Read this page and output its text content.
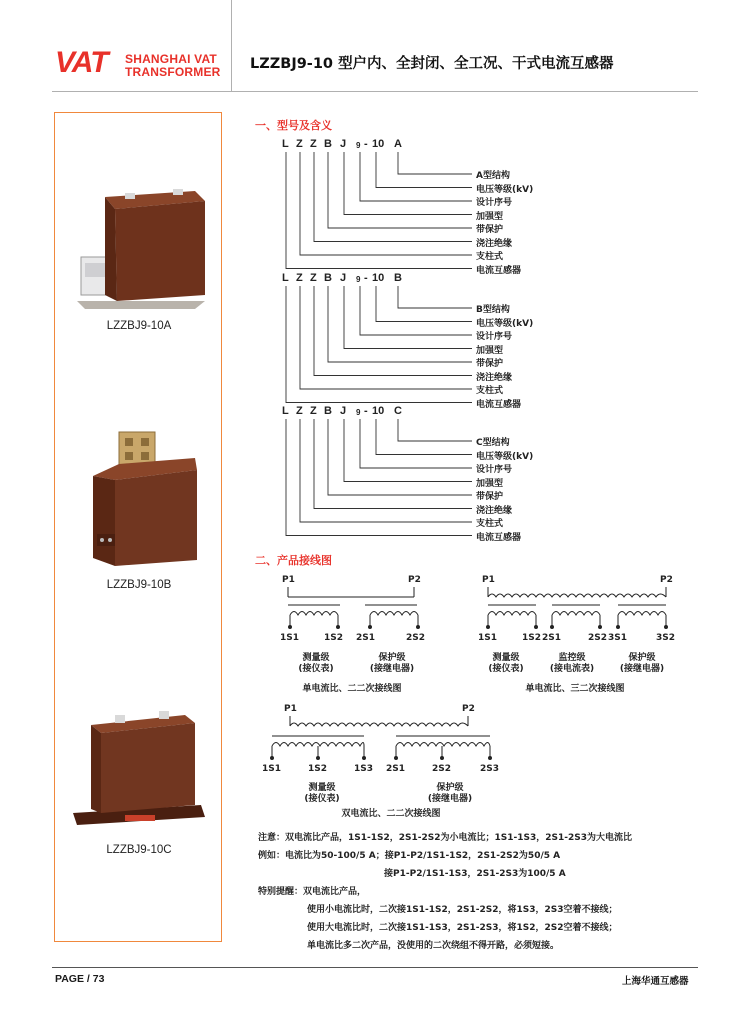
VAT SHANGHAI VAT
TRANSFORMER LZZBJ9-10 型户内、全封闭、全工况、干式电流互感器
LZZBJ9-10A
LZZBJ9-10B
LZZBJ9-10C
一、型号及含义
L Z Z B J 9 - 10 A
A型结构
电压等级(kV)
设计序号
加强型
带保护
浇注绝缘
支柱式
电流互感器
L Z Z B J 9 - 10 B
B型结构
电压等级(kV)
设计序号
加强型
带保护
浇注绝缘
支柱式
电流互感器
L Z Z B J 9 - 10 C
C型结构
电压等级(kV)
设计序号
加强型
带保护
浇注绝缘
支柱式
电流互感器
二、产品接线图
P1	P2
1S1	1S2 2S1	2S2
测量级
(接仪表)
保护级
(接继电器)
单电流比、二二次接线图
P1	P2
1S1	1S2 2S1	2S2 3S1	3S2
测量级
(接仪表)
监控级
(接电流表)
保护级
(接继电器)
单电流比、三二次接线图
P1	P2
1S1	1S2	1S3 2S1	2S2	2S3
测量级
(接仪表)
保护级
(接继电器)
双电流比、二二次接线图
注意：双电流比产品，1S1-1S2，2S1-2S2为小电流比；1S1-1S3，2S1-2S3为大电流比
例如：电流比为50-100/5 A；接P1-P2/1S1-1S2，2S1-2S2为50/5 A
接P1-P2/1S1-1S3，2S1-2S3为100/5 A
特别提醒：双电流比产品，
使用小电流比时，二次接1S1-1S2，2S1-2S2，将1S3，2S3空着不接线；
使用大电流比时，二次接1S1-1S3，2S1-2S3，将1S2，2S2空着不接线；
单电流比多二次产品，没使用的二次绕组不得开路，必须短接。
PAGE / 73	上海华通互感器
